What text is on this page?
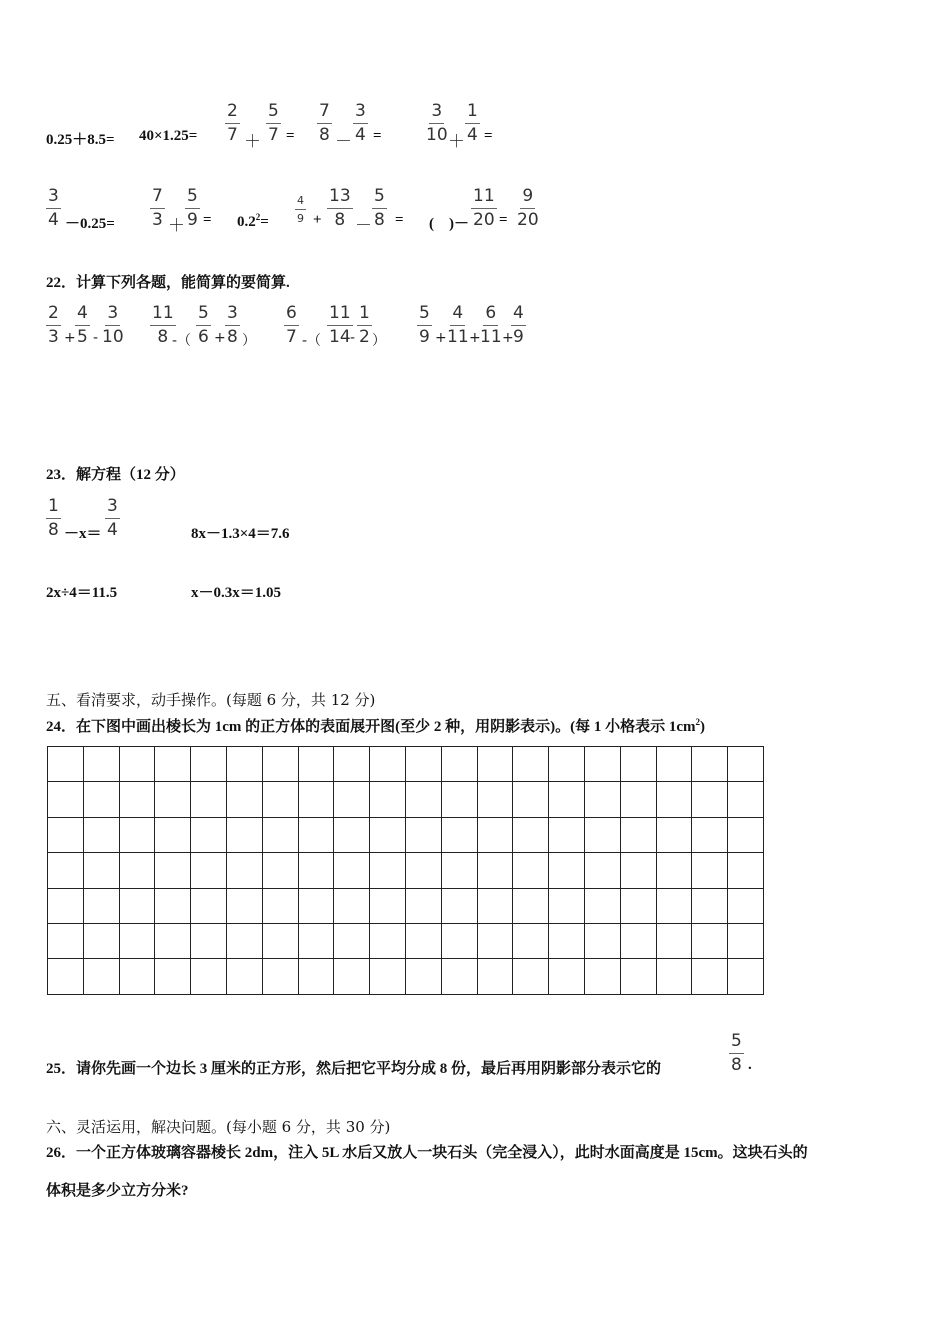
$0.25+8.5= 40\times 1.25= \frac{2}{7} + \frac{5}{7} = \frac{7}{8} - \frac{3}{4} = \frac{3}{10}$
＋ $\frac{1}{4}$ =
$\frac{3}{4} -0.25= \frac{7}{3} + \frac{5}{9} = 0.2^2= \frac{4}{9} + \frac{13}{8} - \frac{5}{8}$ = (　)－ $\frac{11}{20} = \frac{9}{20}$
22．计算下列各题，能简算的要简算.
$\frac{2}{3} + \frac{4}{5} - \frac{3}{10} \frac{11}{8}$
-（ $\frac{5}{6} + \frac{3}{8}$ ） $\frac{6}{7}$ -（ $\frac{11}{14}$
- $\frac{1}{2}$ ） $\frac{5}{9}$ +
$\frac{4}{11}$
+
$\frac{6}{11}$
+
$\frac{4}{9}$
23．解方程（12 分）
$\frac{1}{8} -x= \frac{3}{4}$	8x－1.3×4＝7.6
2x÷4＝11.5	x－0.3x＝1.05
五、看清要求，动手操作。(每题 6 分，共 12 分)
24．在下图中画出棱长为 1cm 的正方体的表面展开图(至少 2 种，用阴影表示)。(每 1 小格表示 $1cm^2$)
25．请你先画一个边长 3 厘米的正方形，然后把它平均分成 8 份，最后再用阴影部分表示它的	$\frac{5}{8}$ .
六、灵活运用，解决问题。(每小题 6 分，共 30 分)
26．一个正方体玻璃容器棱长 2dm，注入 5L 水后又放人一块石头（完全浸入），此时水面高度是 15cm。这块石头的
体积是多少立方分米?
